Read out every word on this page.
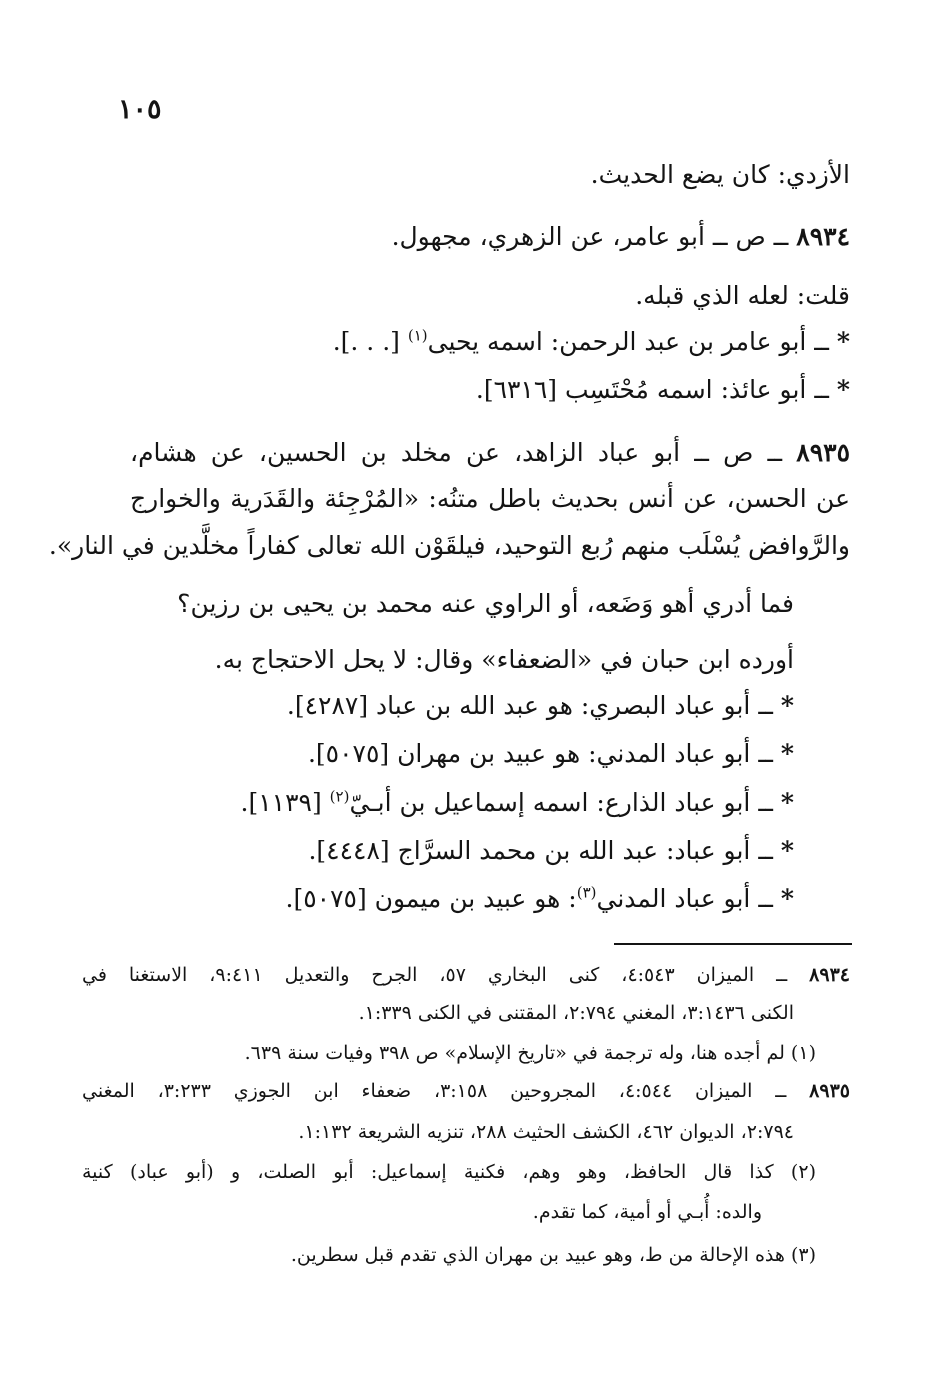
١٠٥
الأزدي: كان يضع الحديث.
٨٩٣٤ ــ ص ــ أبو عامر، عن الزهري، مجهول.
قلت: لعله الذي قبله.
* ــ أبو عامر بن عبد الرحمن: اسمه يحيى$^{(١)}$ [. . .].
* ــ أبو عائذ: اسمه مُحْتَسِب [٦٣١٦].
٨٩٣٥ ــ ص ــ أبو عباد الزاهد، عن مخلد بن الحسين، عن هشام،
عن الحسن، عن أنس بحديث باطل متنُه: «المُرْجِئة والقَدَرية والخوارج
والرَّوافض يُسْلَب منهم رُبع التوحيد، فيلقَوْن الله تعالى كفاراً مخلَّدين في النار».
فما أدري أهو وَضَعه، أو الراوي عنه محمد بن يحيى بن رزين؟
أورده ابن حبان في «الضعفاء» وقال: لا يحل الاحتجاج به.
* ــ أبو عباد البصري: هو عبد الله بن عباد [٤٢٨٧].
* ــ أبو عباد المدني: هو عبيد بن مهران [٥٠٧٥].
* ــ أبو عباد الذارع: اسمه إسماعيل بن أبـيّ$^{(٢)}$ [١١٣٩].
* ــ أبو عباد: عبد الله بن محمد السرَّاج [٤٤٤٨].
* ــ أبو عباد المدني$^{(٣)}$: هو عبيد بن ميمون [٥٠٧٥].
٨٩٣٤ ــ الميزان ٤:٥٤٣، كنى البخاري ٥٧، الجرح والتعديل ٩:٤١١، الاستغنا في
الكنى ٣:١٤٣٦، المغني ٢:٧٩٤، المقتنى في الكنى ١:٣٣٩.
(١) لم أجده هنا، وله ترجمة في «تاريخ الإسلام» ص ٣٩٨ وفيات سنة ٦٣٩.
٨٩٣٥ ــ الميزان ٤:٥٤٤، المجروحين ٣:١٥٨، ضعفاء ابن الجوزي ٣:٢٣٣، المغني
٢:٧٩٤، الديوان ٤٦٢، الكشف الحثيث ٢٨٨، تنزيه الشريعة ١:١٣٢.
(٢) كذا قال الحافظ، وهو وهم، فكنية إسماعيل: أبو الصلت، و (أبو عباد) كنية
والده: أُبـي أو أمية، كما تقدم.
(٣) هذه الإحالة من ط، وهو عبيد بن مهران الذي تقدم قبل سطرين.
